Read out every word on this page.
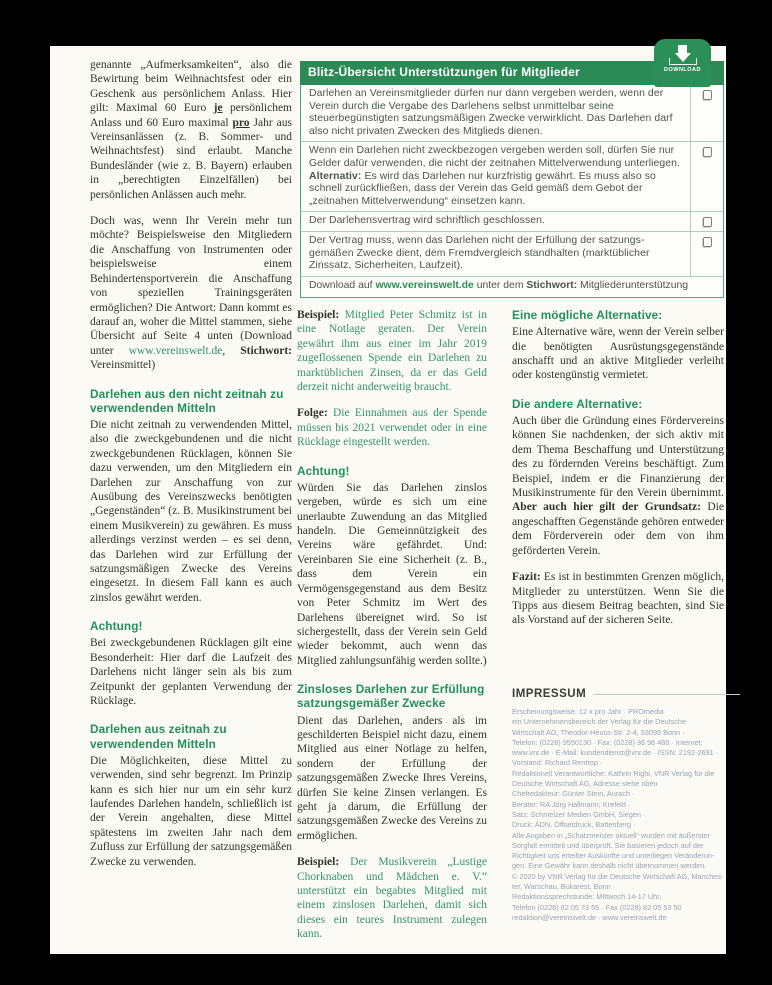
DOWNLOAD
Blitz-Übersicht Unterstützungen für Mitglieder
Darlehen an Vereinsmitglieder dürfen nur dann vergeben werden, wenn der Verein durch die Vergabe des Darlehens selbst unmittelbar seine steuerbegünstigten satzungsmäßigen Zwecke verwirklicht. Das Darlehen darf also nicht privaten Zwecken des Mitglieds dienen.
Wenn ein Darlehen nicht zweckbezogen vergeben werden soll, dürfen Sie nur Gelder dafür verwenden, die nicht der zeitnahen Mittelverwendung unterliegen. Alternativ: Es wird das Darlehen nur kurzfristig gewährt. Es muss also so schnell zurückfließen, dass der Verein das Geld gemäß dem Gebot der „zeitnahen Mittelverwendung“ einsetzen kann.
Der Darlehensvertrag wird schriftlich geschlossen.
Der Vertrag muss, wenn das Darlehen nicht der Erfüllung der satzungs-gemäßen Zwecke dient, dem Fremdvergleich standhalten (marktüblicher Zinssatz, Sicherheiten, Laufzeit).
Download auf www.vereinswelt.de unter dem Stichwort: Mitgliederunterstützung

genannte „Aufmerksamkeiten“, also die Bewirtung beim Weihnachtsfest oder ein Geschenk aus persönlichem Anlass. Hier gilt: Maximal 60 Euro je persönlichem Anlass und 60 Euro maximal pro Jahr aus Vereinsanlässen (z. B. Sommer- und Weihnachtsfest) sind erlaubt. Manche Bundesländer (wie z. B. Bayern) erlauben in „berechtigten Einzelfällen) bei persönlichen Anlässen auch mehr.

Doch was, wenn Ihr Verein mehr tun möchte? Beispielsweise den Mitgliedern die Anschaffung von Instrumenten oder beispielsweise einem Behindertensportverein die Anschaffung von speziellen Trainingsgeräten ermöglichen? Die Antwort: Dann kommt es darauf an, woher die Mittel stammen, siehe Übersicht auf Seite 4 unten (Download unter www.vereinswelt.de, Stichwort: Vereinsmittel)

Darlehen aus den nicht zeitnah zu verwendenden Mitteln

Die nicht zeitnah zu verwendenden Mittel, also die zweckgebundenen und die nicht zweckgebundenen Rücklagen, können Sie dazu verwenden, um den Mitgliedern ein Darlehen zur Anschaffung von zur Ausübung des Vereinszwecks benötigten „Gegenständen“ (z. B. Musikinstrument bei einem Musikverein) zu gewähren. Es muss allerdings verzinst werden – es sei denn, das Darlehen wird zur Erfüllung der satzungsmäßigen Zwecke des Vereins eingesetzt. In diesem Fall kann es auch zinslos gewährt werden.

Achtung!

Bei zweckgebundenen Rücklagen gilt eine Besonderheit: Hier darf die Laufzeit des Darlehens nicht länger sein als bis zum Zeitpunkt der geplanten Verwendung der Rücklage.

Darlehen aus zeitnah zu verwendenden Mitteln

Die Möglichkeiten, diese Mittel zu verwenden, sind sehr begrenzt. Im Prinzip kann es sich hier nur um ein sehr kurz laufendes Darlehen handeln, schließlich ist der Verein angehalten, diese Mittel spätestens im zweiten Jahr nach dem Zufluss zur Erfüllung der satzungsgemäßen Zwecke zu verwenden.

Beispiel: Mitglied Peter Schmitz ist in eine Notlage geraten. Der Verein gewährt ihm aus einer im Jahr 2019 zugeflossenen Spende ein Darlehen zu marktüblichen Zinsen, da er das Geld derzeit nicht anderweitig braucht.

Folge: Die Einnahmen aus der Spende müssen bis 2021 verwendet oder in eine Rücklage eingestellt werden.

Achtung!

Würden Sie das Darlehen zinslos vergeben, würde es sich um eine unerlaubte Zuwendung an das Mitglied handeln. Die Gemeinnützigkeit des Vereins wäre gefährdet. Und: Vereinbaren Sie eine Sicherheit (z. B., dass dem Verein ein Vermögensgegenstand aus dem Besitz von Peter Schmitz im Wert des Darlehens übereignet wird. So ist sichergestellt, dass der Verein sein Geld wieder bekommt, auch wenn das Mitglied zahlungsunfähig werden sollte.)

Zinsloses Darlehen zur Erfüllung satzungsgemäßer Zwecke

Dient das Darlehen, anders als im geschilderten Beispiel nicht dazu, einem Mitglied aus einer Notlage zu helfen, sondern der Erfüllung der satzungsgemäßen Zwecke Ihres Vereins, dürfen Sie keine Zinsen verlangen. Es geht ja darum, die Erfüllung der satzungsgemäßen Zwecke des Vereins zu ermöglichen.

Beispiel: Der Musikverein „Lustige Chorknaben und Mädchen e. V.“ unterstützt ein begabtes Mitglied mit einem zinslosen Darlehen, damit sich dieses ein teures Instrument zulegen kann.

Eine mögliche Alternative:

Eine Alternative wäre, wenn der Verein selber die benötigten Ausrüstungsgegenstände anschafft und an aktive Mitglieder verleiht oder kostengünstig vermietet.

Die andere Alternative:

Auch über die Gründung eines Fördervereins können Sie nachdenken, der sich aktiv mit dem Thema Beschaffung und Unterstützung des zu fördernden Vereins beschäftigt. Zum Beispiel, indem er die Finanzierung der Musikinstrumente für den Verein übernimmt. Aber auch hier gilt der Grundsatz: Die angeschafften Gegenstände gehören entweder dem Förderverein oder dem von ihm geförderten Verein.

Fazit: Es ist in bestimmten Grenzen möglich, Mitglieder zu unterstützen. Wenn Sie die Tipps aus diesem Beitrag beachten, sind Sie als Vorstand auf der sicheren Seite.

IMPRESSUM
Erscheinungsweise: 12 x pro Jahr · PROmedia
ein Unternehmensbereich der Verlag für die Deutsche
Wirtschaft AG, Theodor-Heuss-Str. 2-4, 53095 Bonn ·
Telefon: (0228) 9550130 · Fax: (0228) 36 96 480 · Internet:
www.vnr.de · E-Mail: kundendienst@vnr.de · ISSN: 2192-2691 ·
Vorstand: Richard Rentrop ·
Redaktionell Verantwortliche: Kathrin Righi, VNR Verlag für die
Deutsche Wirtschaft AG, Adresse siehe oben
Chefredakteur: Günter Stein, Aurach ·
Berater: RA Jörg Hallmann, Krefeld ·
Satz: Schmelzer Medien GmbH, Siegen ·
Druck: ADN, Offsetdruck, Battenberg ·
Alle Angaben in „Schatzmeister aktuell“ wurden mit äußerster
Sorgfalt ermittelt und überprüft. Sie basieren jedoch auf der
Richtigkeit uns erteilter Auskünfte und unterliegen Veränderun-
gen. Eine Gewähr kann deshalb nicht übernommen werden.
© 2020 by VNR Verlag für die Deutsche Wirtschaft AG, Manches-
ter, Warschau, Bukarest, Bonn ·
Redaktionssprechstunde: Mittwoch 14-17 Uhr,
Telefon (0228) 82 05 73 55 · Fax (0228) 82 05 53 50
redaktion@vereinswelt.de · www.vereinswelt.de
